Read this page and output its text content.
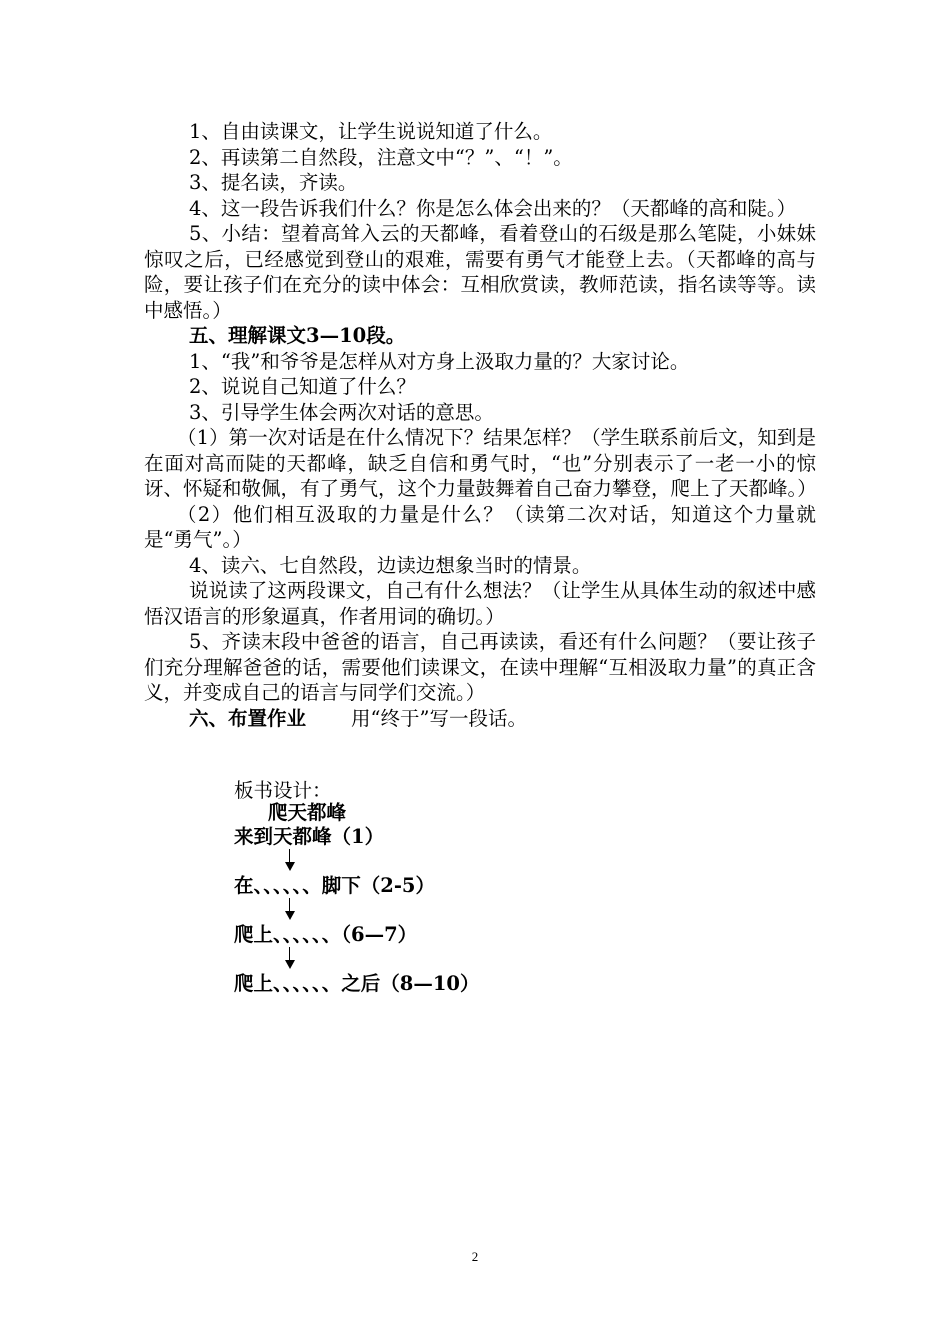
1、自由读课文，让学生说说知道了什么。

2、再读第二自然段，注意文中“？”、“！”。

3、提名读，齐读。

4、这一段告诉我们什么？你是怎么体会出来的？（天都峰的高和陡。）

5、小结：望着高耸入云的天都峰，看着登山的石级是那么笔陡，小妹妹惊叹之后，已经感觉到登山的艰难，需要有勇气才能登上去。（天都峰的高与险，要让孩子们在充分的读中体会：互相欣赏读，教师范读，指名读等等。读中感悟。）

五、理解课文3—10段。

1、“我”和爷爷是怎样从对方身上汲取力量的？大家讨论。

2、说说自己知道了什么？

3、引导学生体会两次对话的意思。

（1）第一次对话是在什么情况下？结果怎样？（学生联系前后文，知到是在面对高而陡的天都峰，缺乏自信和勇气时，“也”分别表示了一老一小的惊讶、怀疑和敬佩，有了勇气，这个力量鼓舞着自己奋力攀登，爬上了天都峰。）

（2）他们相互汲取的力量是什么？（读第二次对话，知道这个力量就是“勇气”。）

4、读六、七自然段，边读边想象当时的情景。

说说读了这两段课文，自己有什么想法？（让学生从具体生动的叙述中感悟汉语言的形象逼真，作者用词的确切。）

5、齐读末段中爸爸的语言，自己再读读，看还有什么问题？（要让孩子们充分理解爸爸的话，需要他们读课文，在读中理解“互相汲取力量”的真正含义，并变成自己的语言与同学们交流。）

六、布置作业 用“终于”写一段话。

板书设计：
爬天都峰
来到天都峰（1）
在、、、、、、脚下（2-5）
爬上、、、、、、（6—7）
爬上、、、、、、之后（8—10）
2
